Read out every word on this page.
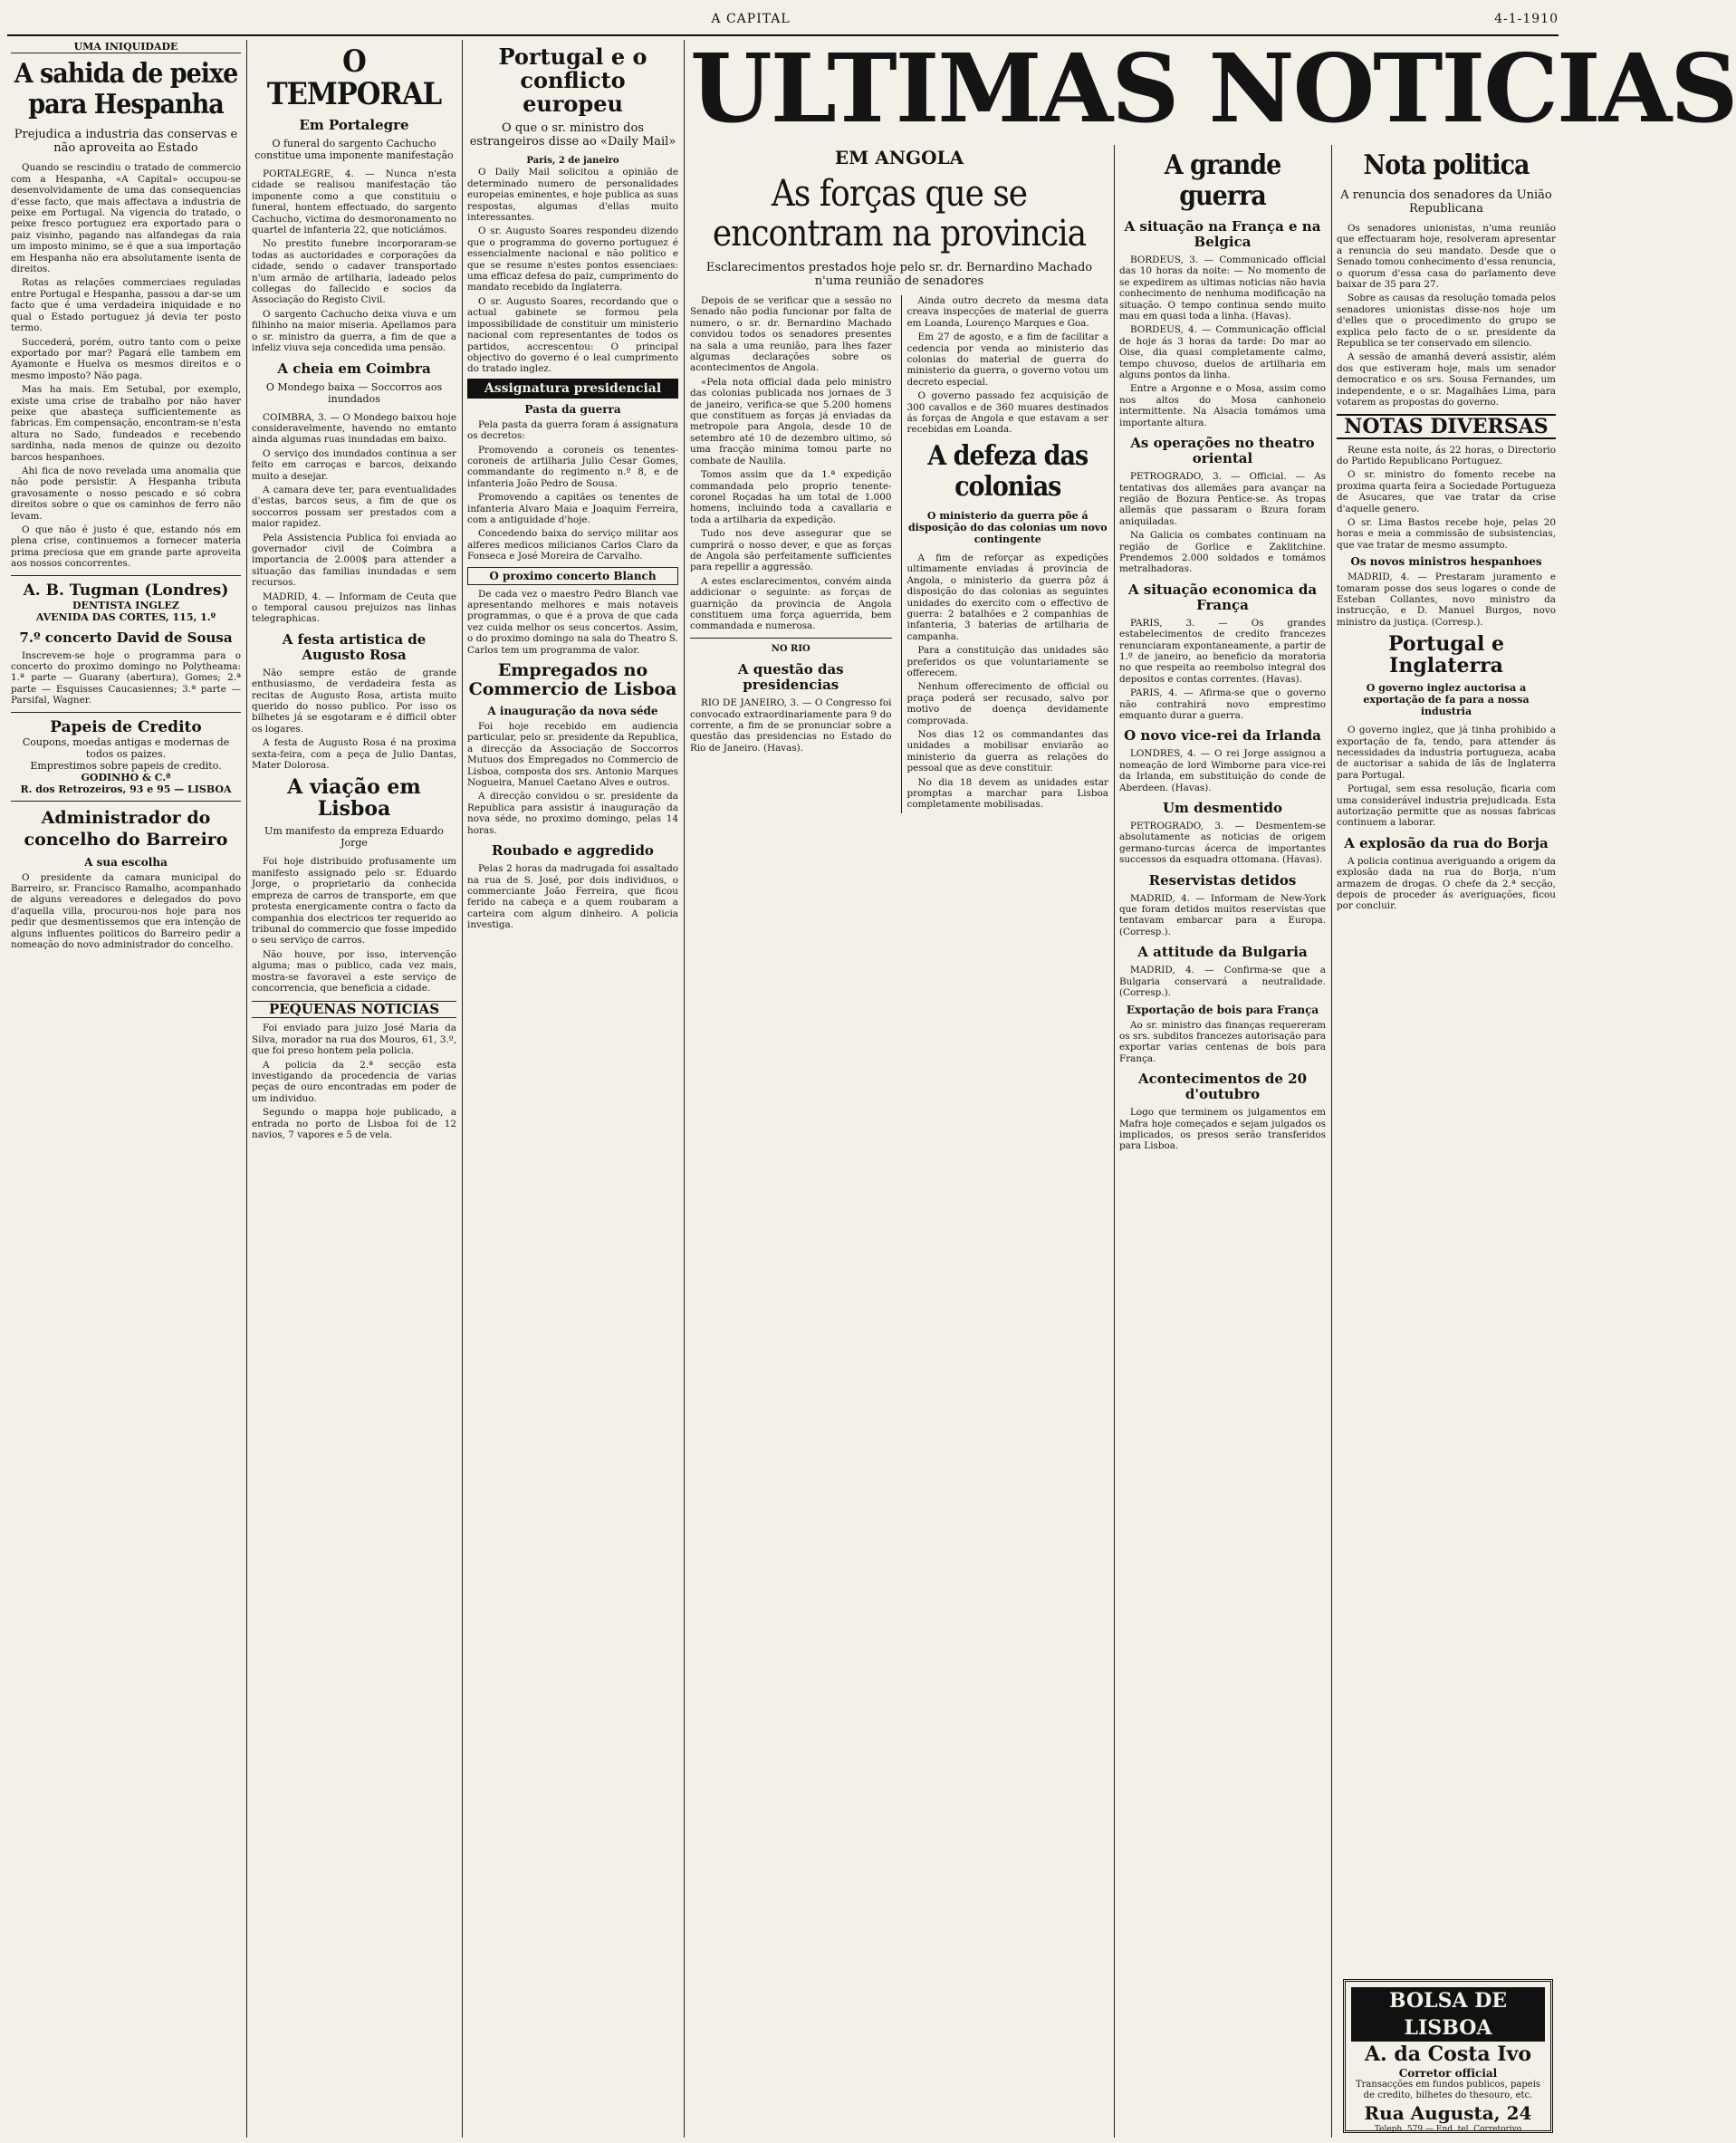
A CAPITAL	4-1-1910
ULTIMAS NOTICIAS
UMA INIQUIDADE
A sahida de peixe para Hespanha
Prejudica a industria das conservas e não aproveita ao Estado

Quando se rescindiu o tratado de commercio com a Hespanha, «A Capital» occupou-se desenvolvidamente de uma das consequencias d'esse facto, que mais affectava a industria de peixe em Portugal. Na vigencia do tratado, o peixe fresco portuguez era exportado para o paiz visinho, pagando nas alfandegas da raia um imposto minimo, se é que a sua importação em Hespanha não era absolutamente isenta de direitos.

Rotas as relações commerciaes reguladas entre Portugal e Hespanha, passou a dar-se um facto que é uma verdadeira iniquidade e no qual o Estado portuguez já devia ter posto termo.

Succederá, porém, outro tanto com o peixe exportado por mar? Pagará elle tambem em Ayamonte e Huelva os mesmos direitos e o mesmo imposto? Não paga.

Mas ha mais. Em Setubal, por exemplo, existe uma crise de trabalho por não haver peixe que abasteça sufficientemente as fabricas. Em compensação, encontram-se n'esta altura no Sado, fundeados e recebendo sardinha, nada menos de quinze ou dezoito barcos hespanhoes.

Ahi fica de novo revelada uma anomalia que não pode persistir. A Hespanha tributa gravosamente o nosso pescado e só cobra direitos sobre o que os caminhos de ferro não levam.

O que não é justo é que, estando nós em plena crise, continuemos a fornecer materia prima preciosa que em grande parte aproveita aos nossos concorrentes.

A. B. Tugman (Londres)
DENTISTA INGLEZ
AVENIDA DAS CORTES, 115, 1.º
7.º concerto David de Sousa

Inscrevem-se hoje o programma para o concerto do proximo domingo no Polytheama: 1.ª parte — Guarany (abertura), Gomes; 2.ª parte — Esquisses Caucasiennes; 3.ª parte — Parsifal, Wagner.

Papeis de Credito
Coupons, moedas antigas e modernas de todos os paizes.
Emprestimos sobre papeis de credito.
GODINHO & C.ª
R. dos Retrozeiros, 93 e 95 — LISBOA
Administrador do concelho do Barreiro
A sua escolha

O presidente da camara municipal do Barreiro, sr. Francisco Ramalho, acompanhado de alguns vereadores e delegados do povo d'aquella villa, procurou-nos hoje para nos pedir que desmentissemos que era intenção de alguns influentes politicos do Barreiro pedir a nomeação do novo administrador do concelho.

O TEMPORAL
Em Portalegre
O funeral do sargento Cachucho constitue uma imponente manifestação

PORTALEGRE, 4. — Nunca n'esta cidade se realisou manifestação tão imponente como a que constituiu o funeral, hontem effectuado, do sargento Cachucho, victima do desmoronamento no quartel de infanteria 22, que noticiámos.

No prestito funebre incorporaram-se todas as auctoridades e corporações da cidade, sendo o cadaver transportado n'um armão de artilharia, ladeado pelos collegas do fallecido e socios da Associação do Registo Civil.

O sargento Cachucho deixa viuva e um filhinho na maior miseria. Apellamos para o sr. ministro da guerra, a fim de que a infeliz viuva seja concedida uma pensão.

A cheia em Coimbra
O Mondego baixa — Soccorros aos inundados

COIMBRA, 3. — O Mondego baixou hoje consideravelmente, havendo no emtanto ainda algumas ruas inundadas em baixo.

O serviço dos inundados continua a ser feito em carroças e barcos, deixando muito a desejar.

A camara deve ter, para eventualidades d'estas, barcos seus, a fim de que os soccorros possam ser prestados com a maior rapidez.

Pela Assistencia Publica foi enviada ao governador civil de Coimbra a importancia de 2.000$ para attender a situação das familias inundadas e sem recursos.

MADRID, 4. — Informam de Ceuta que o temporal causou prejuizos nas linhas telegraphicas.

A festa artistica de Augusto Rosa

Não sempre estão de grande enthusiasmo, de verdadeira festa as recitas de Augusto Rosa, artista muito querido do nosso publico. Por isso os bilhetes já se esgotaram e é difficil obter os logares.

A festa de Augusto Rosa é na proxima sexta-feira, com a peça de Julio Dantas, Mater Dolorosa.

A viação em Lisboa
Um manifesto da empreza Eduardo Jorge

Foi hoje distribuido profusamente um manifesto assignado pelo sr. Eduardo Jorge, o proprietario da conhecida empreza de carros de transporte, em que protesta energicamente contra o facto da companhia dos electricos ter requerido ao tribunal do commercio que fosse impedido o seu serviço de carros.

Não houve, por isso, intervenção alguma; mas o publico, cada vez mais, mostra-se favoravel a este serviço de concorrencia, que beneficia a cidade.

PEQUENAS NOTICIAS

Foi enviado para juizo José Maria da Silva, morador na rua dos Mouros, 61, 3.º, que foi preso hontem pela policia.

A policia da 2.ª secção esta investigando da procedencia de varias peças de ouro encontradas em poder de um individuo.

Segundo o mappa hoje publicado, a entrada no porto de Lisboa foi de 12 navios, 7 vapores e 5 de vela.

Portugal e o conflicto europeu
O que o sr. ministro dos estrangeiros disse ao «Daily Mail»
Paris, 2 de janeiro

O Daily Mail solicitou a opinião de determinado numero de personalidades europeias eminentes, e hoje publica as suas respostas, algumas d'ellas muito interessantes.

O sr. Augusto Soares respondeu dizendo que o programma do governo portuguez é essencialmente nacional e não politico e que se resume n'estes pontos essenciaes: uma efficaz defesa do paiz, cumprimento do mandato recebido da Inglaterra.

O sr. Augusto Soares, recordando que o actual gabinete se formou pela impossibilidade de constituir um ministerio nacional com representantes de todos os partidos, accrescentou: O principal objectivo do governo é o leal cumprimento do tratado inglez.

Assignatura presidencial
Pasta da guerra

Pela pasta da guerra foram á assignatura os decretos:

Promovendo a coroneis os tenentes-coroneis de artilharia Julio Cesar Gomes, commandante do regimento n.º 8, e de infanteria João Pedro de Sousa.

Promovendo a capitães os tenentes de infanteria Alvaro Maia e Joaquim Ferreira, com a antiguidade d'hoje.

Concedendo baixa do serviço militar aos alferes medicos milicianos Carlos Claro da Fonseca e José Moreira de Carvalho.

O proximo concerto Blanch

De cada vez o maestro Pedro Blanch vae apresentando melhores e mais notaveis programmas, o que é a prova de que cada vez cuida melhor os seus concertos. Assim, o do proximo domingo na sala do Theatro S. Carlos tem um programma de valor.

Empregados no Commercio de Lisboa
A inauguração da nova séde

Foi hoje recebido em audiencia particular, pelo sr. presidente da Republica, a direcção da Associação de Soccorros Mutuos dos Empregados no Commercio de Lisboa, composta dos srs. Antonio Marques Nogueira, Manuel Caetano Alves e outros.

A direcção convidou o sr. presidente da Republica para assistir á inauguração da nova séde, no proximo domingo, pelas 14 horas.

Roubado e aggredido

Pelas 2 horas da madrugada foi assaltado na rua de S. José, por dois individuos, o commerciante João Ferreira, que ficou ferido na cabeça e a quem roubaram a carteira com algum dinheiro. A policia investiga.

EM ANGOLA
As forças que se encontram na provincia
Esclarecimentos prestados hoje pelo sr. dr. Bernardino Machado n'uma reunião de senadores

Depois de se verificar que a sessão no Senado não podia funcionar por falta de numero, o sr. dr. Bernardino Machado convidou todos os senadores presentes na sala a uma reunião, para lhes fazer algumas declarações sobre os acontecimentos de Angola.

«Pela nota official dada pelo ministro das colonias publicada nos jornaes de 3 de janeiro, verifica-se que 5.200 homens que constituem as forças já enviadas da metropole para Angola, desde 10 de setembro até 10 de dezembro ultimo, só uma fracção minima tomou parte no combate de Naulila.

Tomos assim que da 1.ª expedição commandada pelo proprio tenente-coronel Roçadas ha um total de 1.000 homens, incluindo toda a cavallaria e toda a artilharia da expedição.

Tudo nos deve assegurar que se cumprirá o nosso dever, e que as forças de Angola são perfeitamente sufficientes para repellir a aggressão.

A estes esclarecimentos, convém ainda addicionar o seguinte: as forças de guarnição da provincia de Angola constituem uma força aguerrida, bem commandada e numerosa.

NO RIO
A questão das presidencias

RIO DE JANEIRO, 3. — O Congresso foi convocado extraordinariamente para 9 do corrente, a fim de se pronunciar sobre a questão das presidencias no Estado do Rio de Janeiro. (Havas).

Ainda outro decreto da mesma data creava inspecções de material de guerra em Loanda, Lourenço Marques e Goa.

Em 27 de agosto, e a fim de facilitar a cedencia por venda ao ministerio das colonias do material de guerra do ministerio da guerra, o governo votou um decreto especial.

O governo passado fez acquisição de 300 cavallos e de 360 muares destinados ás forças de Angola e que estavam a ser recebidas em Loanda.

A defeza das colonias
O ministerio da guerra põe á disposição do das colonias um novo contingente

A fim de reforçar as expedições ultimamente enviadas á provincia de Angola, o ministerio da guerra pôz á disposição do das colonias as seguintes unidades do exercito com o effectivo de guerra: 2 batalhões e 2 companhias de infanteria, 3 baterias de artilharia de campanha.

Para a constituição das unidades são preferidos os que voluntariamente se offerecem.

Nenhum offerecimento de official ou praça poderá ser recusado, salvo por motivo de doença devidamente comprovada.

Nos dias 12 os commandantes das unidades a mobilisar enviarão ao ministerio da guerra as relações do pessoal que as deve constituir.

No dia 18 devem as unidades estar promptas a marchar para Lisboa completamente mobilisadas.

A grande guerra
A situação na França e na Belgica

BORDEUS, 3. — Communicado official das 10 horas da noite: — No momento de se expedirem as ultimas noticias não havia conhecimento de nenhuma modificação na situação. O tempo continua sendo muito mau em quasi toda a linha. (Havas).

BORDEUS, 4. — Communicação official de hoje ás 3 horas da tarde: Do mar ao Oise, dia quasi completamente calmo, tempo chuvoso, duelos de artilharia em alguns pontos da linha.

Entre a Argonne e o Mosa, assim como nos altos do Mosa canhoneio intermittente. Na Alsacia tomámos uma importante altura.

As operações no theatro oriental

PETROGRADO, 3. — Official. — As tentativas dos allemães para avançar na região de Bozura Pentice-se. As tropas allemãs que passaram o Bzura foram aniquiladas.

Na Galicia os combates continuam na região de Gorlice e Zaklitchine. Prendemos 2.000 soldados e tomámos metralhadoras.

A situação economica da França

PARIS, 3. — Os grandes estabelecimentos de credito francezes renunciaram expontaneamente, a partir de 1.º de janeiro, ao beneficio da moratoria no que respeita ao reembolso integral dos depositos e contas correntes. (Havas).

PARIS, 4. — Afirma-se que o governo não contrahirá novo emprestimo emquanto durar a guerra.

O novo vice-rei da Irlanda

LONDRES, 4. — O rei Jorge assignou a nomeação de lord Wimborne para vice-rei da Irlanda, em substituição do conde de Aberdeen. (Havas).

Um desmentido

PETROGRADO, 3. — Desmentem-se absolutamente as noticias de origem germano-turcas ácerca de importantes successos da esquadra ottomana. (Havas).

Reservistas detidos

MADRID, 4. — Informam de New-York que foram detidos muitos reservistas que tentavam embarcar para a Europa. (Corresp.).

A attitude da Bulgaria

MADRID, 4. — Confirma-se que a Bulgaria conservará a neutralidade. (Corresp.).

Exportação de bois para França

Ao sr. ministro das finanças requereram os srs. subditos francezes autorisação para exportar varias centenas de bois para França.

Acontecimentos de 20 d'outubro

Logo que terminem os julgamentos em Mafra hoje começados e sejam julgados os implicados, os presos serão transferidos para Lisboa.

Nota politica
A renuncia dos senadores da União Republicana

Os senadores unionistas, n'uma reunião que effectuaram hoje, resolveram apresentar a renuncia do seu mandato. Desde que o Senado tomou conhecimento d'essa renuncia, o quorum d'essa casa do parlamento deve baixar de 35 para 27.

Sobre as causas da resolução tomada pelos senadores unionistas disse-nos hoje um d'elles que o procedimento do grupo se explica pelo facto de o sr. presidente da Republica se ter conservado em silencio.

A sessão de amanhã deverá assistir, além dos que estiveram hoje, mais um senador democratico e os srs. Sousa Fernandes, um independente, e o sr. Magalhães Lima, para votarem as propostas do governo.

NOTAS DIVERSAS

Reune esta noite, ás 22 horas, o Directorio do Partido Republicano Portuguez.

O sr. ministro do fomento recebe na proxima quarta feira a Sociedade Portugueza de Asucares, que vae tratar da crise d'aquelle genero.

O sr. Lima Bastos recebe hoje, pelas 20 horas e meia a commissão de subsistencias, que vae tratar de mesmo assumpto.

Os novos ministros hespanhoes

MADRID, 4. — Prestaram juramento e tomaram posse dos seus logares o conde de Esteban Collantes, novo ministro da instrucção, e D. Manuel Burgos, novo ministro da justiça. (Corresp.).

Portugal e Inglaterra
O governo inglez auctorisa a exportação de fa para a nossa industria

O governo inglez, que já tinha prohibido a exportação de fa, tendo, para attender ás necessidades da industria portugueza, acaba de auctorisar a sahida de lãs de Inglaterra para Portugal.

Portugal, sem essa resolução, ficaria com uma considerável industria prejudicada. Esta autorização permitte que as nossas fabricas continuem a laborar.

A explosão da rua do Borja

A policia continua averiguando a origem da explosão dada na rua do Borja, n'um armazem de drogas. O chefe da 2.ª secção, depois de proceder ás averiguações, ficou por concluir.

BOLSA DE LISBOA
A. da Costa Ivo
Corretor official
Transacções em fundos publicos, papeis de credito, bilhetes do thesouro, etc.
Rua Augusta, 24
Teleph. 579 — End. tel. Corretorivo
